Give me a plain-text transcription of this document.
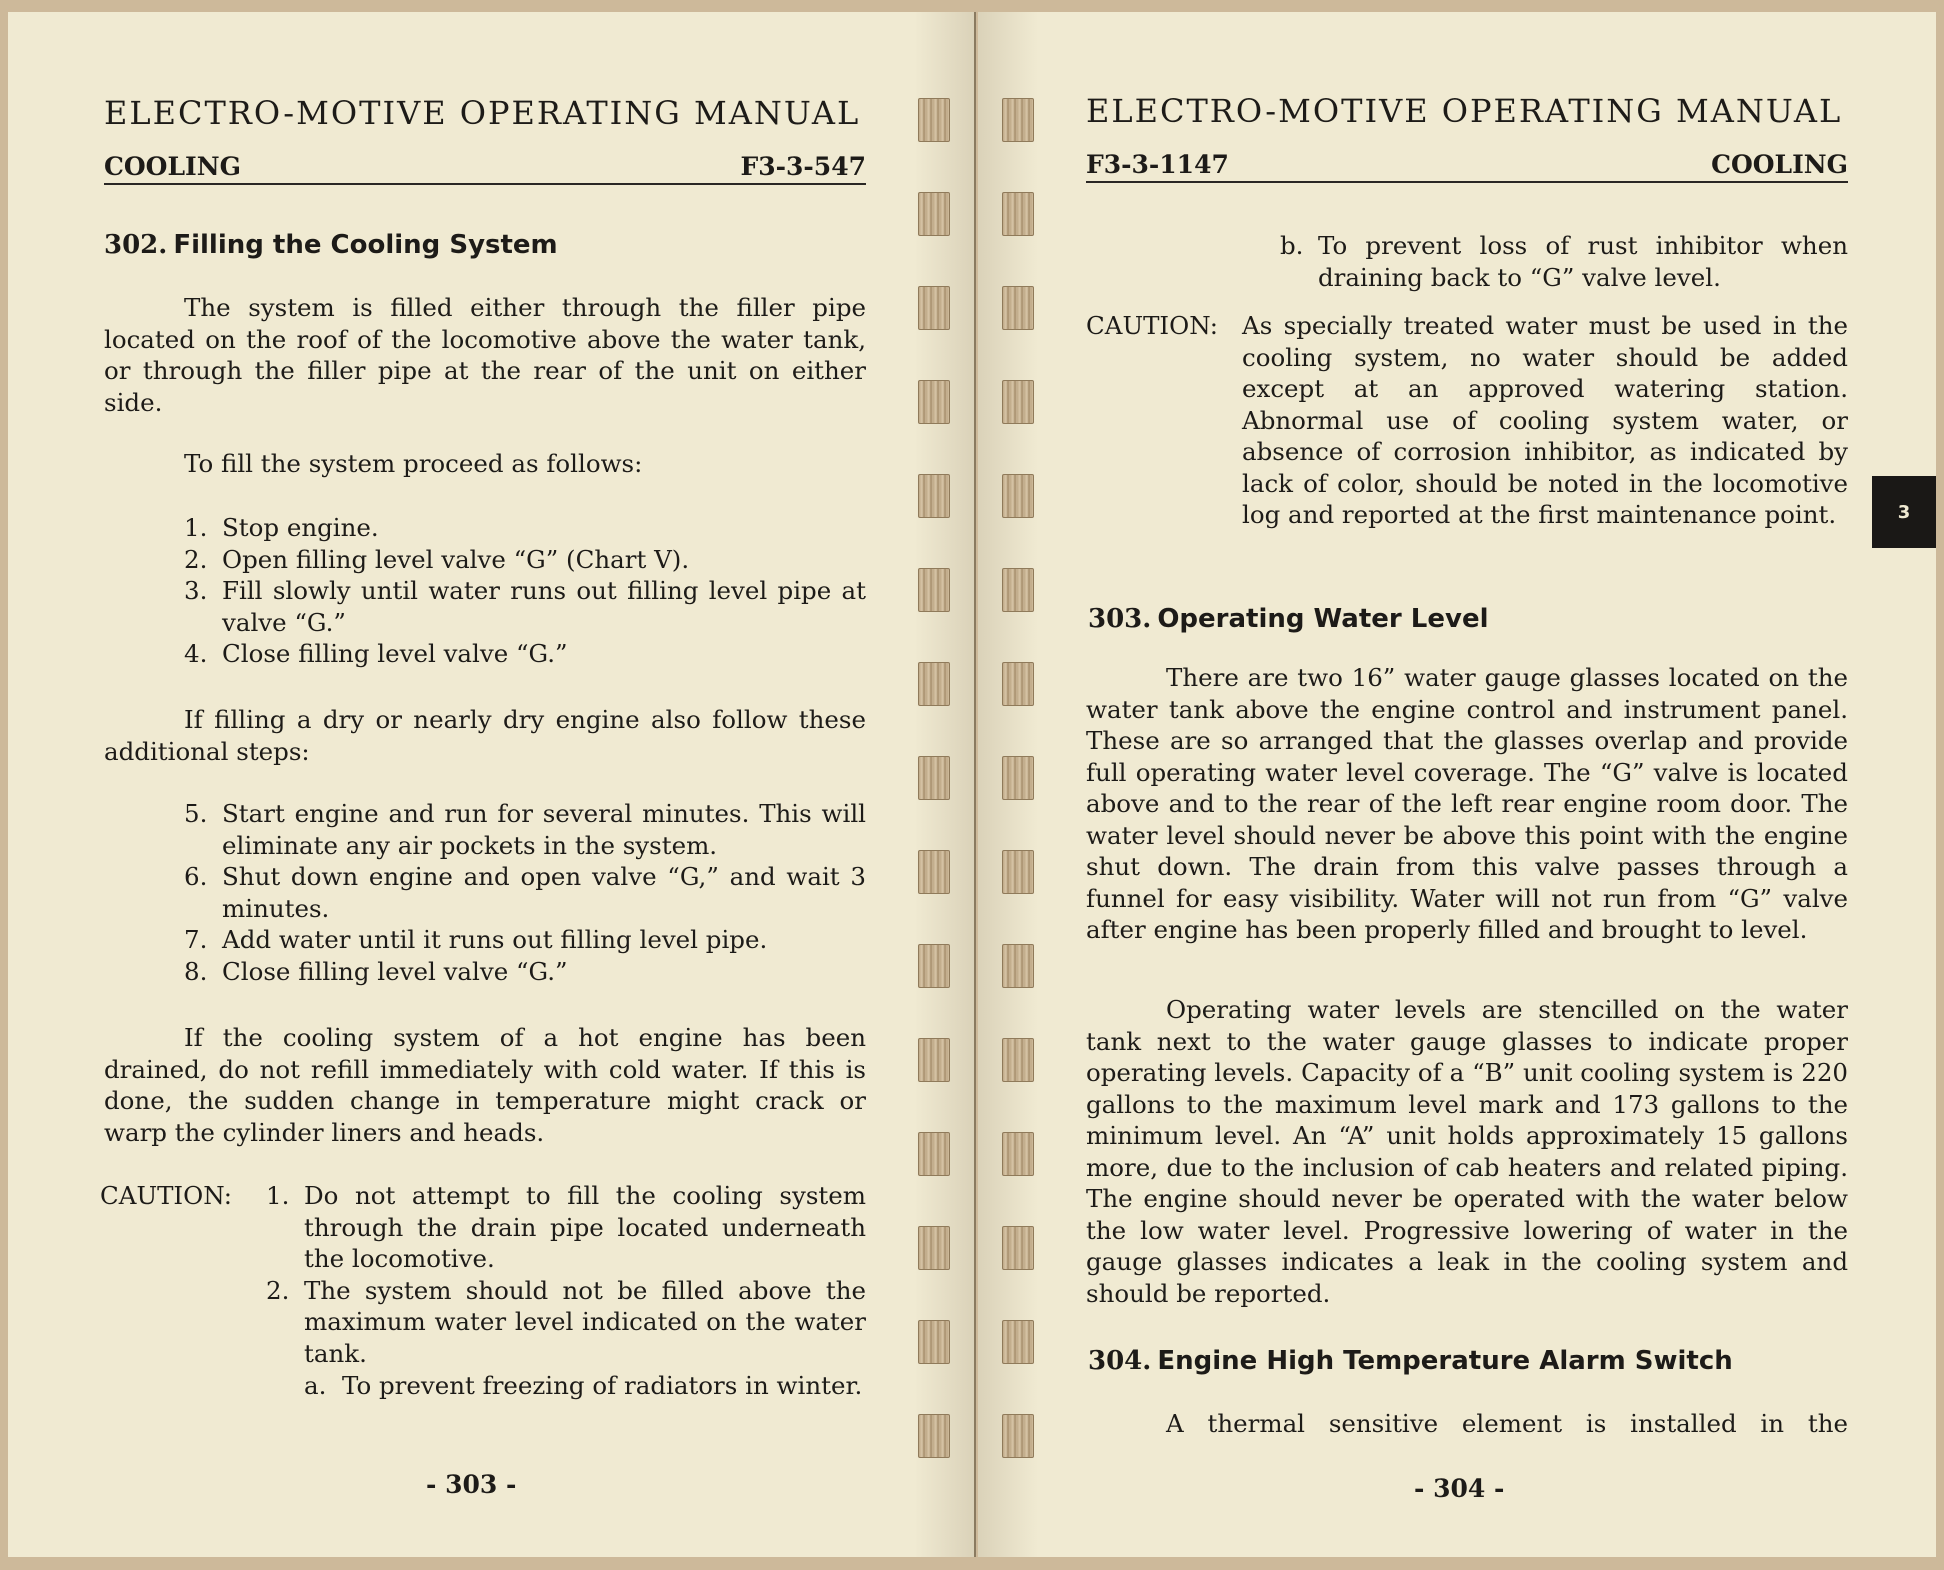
ELECTRO-MOTIVE OPERATING MANUAL
COOLING	F3-3-547
302. Filling the Cooling System
The system is filled either through the filler pipe located on the roof of the locomotive above the water tank, or through the filler pipe at the rear of the unit on either side.
To fill the system proceed as follows:
1. Stop engine.
2. Open filling level valve “G” (Chart V).
3. Fill slowly until water runs out filling level pipe at valve “G.”
4. Close filling level valve “G.”
If filling a dry or nearly dry engine also follow these additional steps:
5. Start engine and run for several minutes. This will eliminate any air pockets in the system.
6. Shut down engine and open valve “G,” and wait 3 minutes.
7. Add water until it runs out filling level pipe.
8. Close filling level valve “G.”
If the cooling system of a hot engine has been drained, do not refill immediately with cold water. If this is done, the sudden change in temperature might crack or warp the cylinder liners and heads.
CAUTION: 1. Do not attempt to fill the cooling system through the drain pipe located underneath the locomotive.
2. The system should not be filled above the maximum water level indicated on the water tank.
a. To prevent freezing of radiators in winter.
- 303 -
ELECTRO-MOTIVE OPERATING MANUAL
F3-3-1147	COOLING
b. To prevent loss of rust inhibitor when draining back to “G” valve level.
CAUTION: As specially treated water must be used in the cooling system, no water should be added except at an approved watering station. Abnormal use of cooling system water, or absence of corrosion inhibitor, as indicated by lack of color, should be noted in the locomotive log and reported at the first maintenance point.
303. Operating Water Level
There are two 16” water gauge glasses located on the water tank above the engine control and instrument panel. These are so arranged that the glasses overlap and provide full operating water level coverage. The “G” valve is located above and to the rear of the left rear engine room door. The water level should never be above this point with the engine shut down. The drain from this valve passes through a funnel for easy visibility. Water will not run from “G” valve after engine has been properly filled and brought to level.
Operating water levels are stencilled on the water tank next to the water gauge glasses to indicate proper operating levels. Capacity of a “B” unit cooling system is 220 gallons to the maximum level mark and 173 gallons to the minimum level. An “A” unit holds approximately 15 gallons more, due to the inclusion of cab heaters and related piping. The engine should never be operated with the water below the low water level. Progressive lowering of water in the gauge glasses indicates a leak in the cooling system and should be reported.
304. Engine High Temperature Alarm Switch
A thermal sensitive element is installed in the
- 304 -
3
